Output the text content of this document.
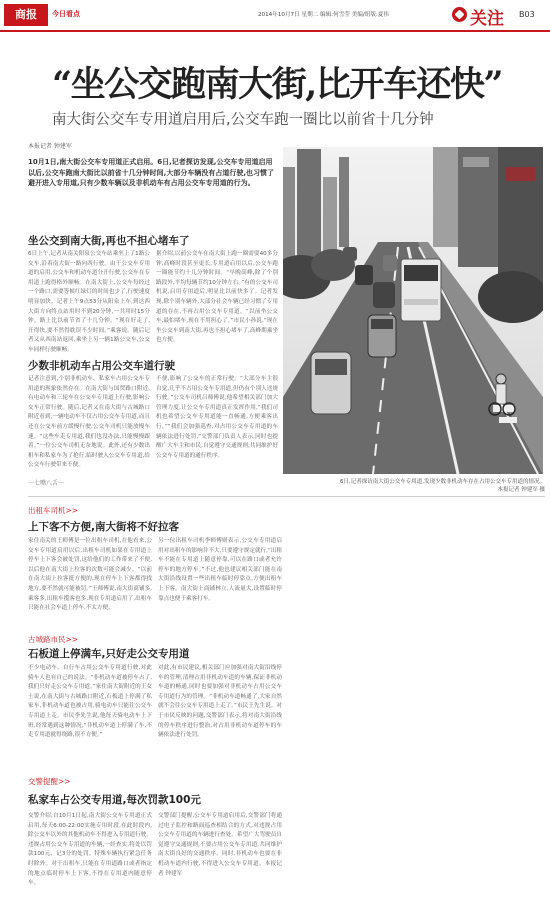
商报	今日看点	2014年10月7日 星期二 编辑:何雪莹 美编/组版:夏伟	关注 B03
“坐公交跑南大街,比开车还快”
南大街公交车专用道启用后,公交车跑一圈比以前省十几分钟
本报记者 钟建军
10月1日,南大街公交车专用道正式启用。6日,记者探访发现,公交车专用道启用以后,公交车跑南大街比以前省十几分钟时间,大部分车辆没有占道行驶,也习惯了避开进入专用道,只有少数车辆以及非机动车有占用公交车专用道的行为。
坐公交到南大街,再也不担心堵车了
6日上午,记者从南关阳泉公交车站乘坐上了1路公交车,沿着南大街一路向西行驶。由于公交车专用道的启用,公交车和机动车道分开行驶,公交车在专用道上跑得格外顺畅。在南大街上,公交车每经过一个路口,需要等候红绿灯的时间也少了,行驶速度明显加快。记者上午9点53分从阳泉上车,到达西大街方向终点站用时不到20分钟,一共用时15分钟。路上比以前节省了十几分钟。“现在好走了,开得快,要不然得耽误不少时间。”乘客说。随后记者又从西南站返回,乘坐上另一辆1路公交车,公交车同样行驶顺畅。
据介绍,以前公交车在南大街上跑一圈需要40多分钟,高峰时段甚至更长,专用道启用以后,公交车跑一圈能节约十几分钟时间。“早晚高峰,除了个别路段外,平均每辆节约10分钟左右。”有的公交车司机说,启用专用道后,明显比以前快多了。记者发现,除个别车辆外,大部分社会车辆已经习惯了专用道的存在,不再占用公交车专用道。“以前坐公交车,最怕堵车,现在不用担心了。”市民小孙说,“现在坐公交车到南大街,再也不担心堵车了,高峰期乘坐也方便。
少数非机动车占用公交车道行驶
记者注意到,个别非机动车、私家车占用公交车专用道的现象依然存在。在南大街与国贸路口附近,有电动车和三轮车在公交车专用道上行驶,影响公交车正常行驶。随后,记者又在南大街与古城路口附近看到,一辆电动车不仅占用公交车专用道,而且还在公交车前方缓慢行驶,公交车司机只能放慢车速。“这些车走专用道,我们也没办法,只能慢慢跟着。”一位公交车司机无奈地说。此外,还有少数出租车和私家车为了抢行,临时驶入公交车专用道,给公交车行驶带来不便。
不便,影响了公交车的正常行驶。“大部分车主很自觉,几乎不占用公交车专用道,但仍有个别人违规行驶。”公交车司机吕师傅说,他希望相关部门加大管理力度,让公交车专用道真正发挥作用,“我们司机也希望公交车专用道能一直畅通,方便乘客出行。”“我们会加强巡查,对占用公交车专用道的车辆依法进行处罚,”交警部门负责人表示,同时也提醒广大车主和市民,自觉遵守交通规则,共同维护好公交车专用道的通行秩序。
6日,记者探访南大街公交车专用道,发现少数非机动车存在占用公交车专用道的情况。
本报记者 钟建军 摄
一七嘴八舌一
出租车司机>>
上下客不方便,南大街将不好拉客
家住南关的王师傅是一位出租车司机,在他看来,公交车专用道启用以后,出租车司机如果在专用道上停车上下客会被处罚,这给他们的工作带来了不便,以后他在南大街上拉客的次数可能会减少。“以前在南大街上拉客挺方便的,现在停车上下客都得找地方,要不然就可能被罚。”王师傅说,南大街商铺多,乘客多,出租车揽客也多,现在专用道启用了,出租车只能在社会车道上停车,不太方便。
另一位出租车司机李师傅则表示,公交车专用道启用对出租车的影响并不大,只要遵守规定就行,“出租车不能在专用道上随意停靠,可以在路口或者允许停车的地方停车。”不过,他也建议相关部门能在南大街沿线设置一些出租车临时停靠点,方便出租车上下客。南大街上商铺林立,人流量大,设置临时停靠点也便于乘客打车。
古城路市民>>
石板道上停满车,只好走公交专用道
不少电动车、自行车占用公交车专用道行驶,对此骑车人也有自己的说法。“非机动车道被停车占了,我们只好走公交车专用道。”家住南大街附近的王女士说,在南大街与古城路口附近,石板道上停满了私家车,非机动车道也被占用,骑电动车只能往公交车专用道上走。市民李先生说,他每天骑电动车上下班,经常遇到这种情况,“非机动车道上停满了车,不走专用道就得绕路,很不方便。”
对此,有市民建议,相关部门应加强对南大街沿线停车的管理,清理占用非机动车道的车辆,保证非机动车道的畅通,同时也要加强对非机动车占用公交车专用道行为的管理。“非机动车道畅通了,大家自然就不会往公交车专用道上走了。”市民王先生说。对于市民反映的问题,交警部门表示,将对南大街沿线的停车秩序进行整治,对占用非机动车道停车的车辆依法进行处罚。
交警提醒>>
私家车占公交专用道,每次罚款100元
交警介绍,自10月1日起,南大街公交车专用道正式启用,每天6:00-22:00实施专用时段,在此时段内,除公交车以外的其他机动车不得进入专用道行驶。违规占用公交车专用道的车辆,一经查实,将处以罚款100元、记3分的处罚。特殊车辆执行紧急任务时除外。对于出租车,只能在专用道路口或者指定的地点临时停车上下客,不得在专用道内随意停车。
交警部门提醒,公交车专用道启用后,交警部门将通过电子监控和路面巡查相结合的方式,对违规占用公交车专用道的车辆进行查处。希望广大驾驶员自觉遵守交通规则,不要占用公交车专用道,共同维护南大街良好的交通秩序。同时,非机动车也要在非机动车道内行驶,不得进入公交车专用道。本报记者 钟建军
